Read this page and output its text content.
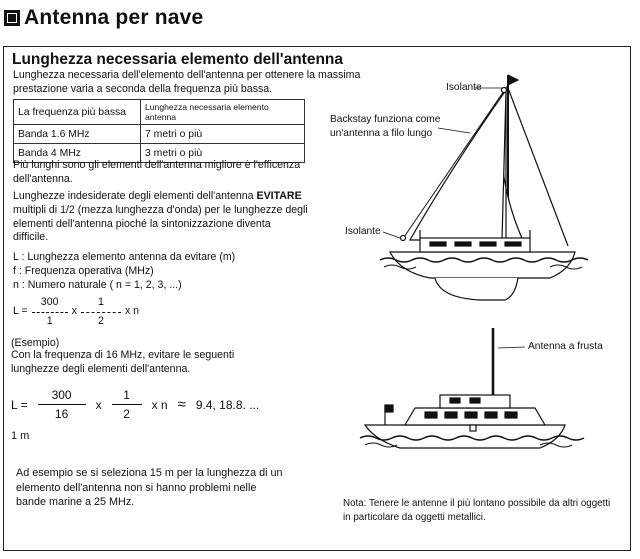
Antenna per nave
Lunghezza necessaria elemento dell'antenna
Lunghezza necessaria dell'elemento dell'antenna per ottenere la massima prestazione varia a seconda della frequenza più bassa.
La frequenza più bassa	Lunghezza necessaria elemento antenna
Banda 1.6 MHz	7 metri o più
Banda 4 MHz	3 metri o più
Più lunghi sono gli elementi dell'antenna migliore è l'efficenza dell'antenna.
Lunghezze indesiderate degli elementi dell'antenna EVITARE multipli di 1/2 (mezza lunghezza d'onda) per le lunghezze degli elementi dell'antenna pioché la sintonizzazione diventa difficile.
L : Lunghezza elemento antenna da evitare (m)
f : Frequenza operativa (MHz)
n : Numero naturale ( n = 1, 2, 3, ...)
$L = \frac{300}{1}$ x $\frac{1}{2}$ x n
(Esempio)
Con la frequenza di 16 MHz, evitare le seguenti lunghezze degli elementi dell'antenna.
$L = \frac{300}{16}$ x $\frac{1}{2}$ x n ≈ 9.4, 18.8. ...
1 m
Ad esempio se si seleziona 15 m per la lunghezza di un elemento dell'antenna non si hanno problemi nelle bande marine a 25 MHz.
Isolante
Backstay funziona come un'antenna a filo lungo
Isolante
Antenna a frusta
Nota: Tenere le antenne il più lontano possibile da altri oggetti in particolare da oggetti metallici.
